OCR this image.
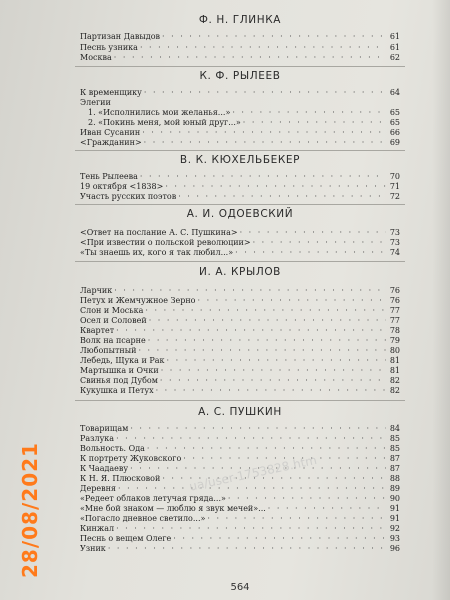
Ф. Н. ГЛИНКА
Партизан Давыдов · · ·	61
Песнь узника · · ·	61
Москва · · ·	62
К. Ф. РЫЛЕЕВ
К временщику · · ·	64
Элегии
1. «Исполнились мои желанья...» · · ·	65
2. «Покинь меня, мой юный друг...» · · ·	65
Иван Сусанин · · ·	66
<Гражданин> · · ·	69
В. К. КЮХЕЛЬБЕКЕР
Тень Рылеева · · ·	70
19 октября <1838> · · ·	71
Участь русских поэтов · · ·	72
А. И. ОДОЕВСКИЙ
<Ответ на послание А. С. Пушкина> · · ·	73
<При известии о польской революции> · · ·	73
«Ты знаешь их, кого я так любил...» · · ·	74
И. А. КРЫЛОВ
Ларчик · · ·	76
Петух и Жемчужное Зерно · · ·	76
Слон и Моська · · ·	77
Осел и Соловей · · ·	77
Квартет · · ·	78
Волк на псарне · · ·	79
Любопытный · · ·	80
Лебедь, Щука и Рак · · ·	81
Мартышка и Очки · · ·	81
Свинья под Дубом · · ·	82
Кукушка и Петух · · ·	82
А. С. ПУШКИН
Товарищам · · ·	84
Разлука · · ·	85
Вольность. Ода · · ·	85
К портрету Жуковского · · ·	87
К Чаадаеву · · ·	87
К Н. Я. Плюсковой · · ·	88
Деревня · · ·	89
«Редеет облаков летучая гряда...» · · ·	90
«Мне бой знаком — люблю я звук мечей»... · · ·	91
«Погасло дневное светило...» · · ·	91
Кинжал · · ·	92
Песнь о вещем Олеге · · ·	93
Узник · · ·	96
564
ua/user-1753828.htm
28/08/2021
